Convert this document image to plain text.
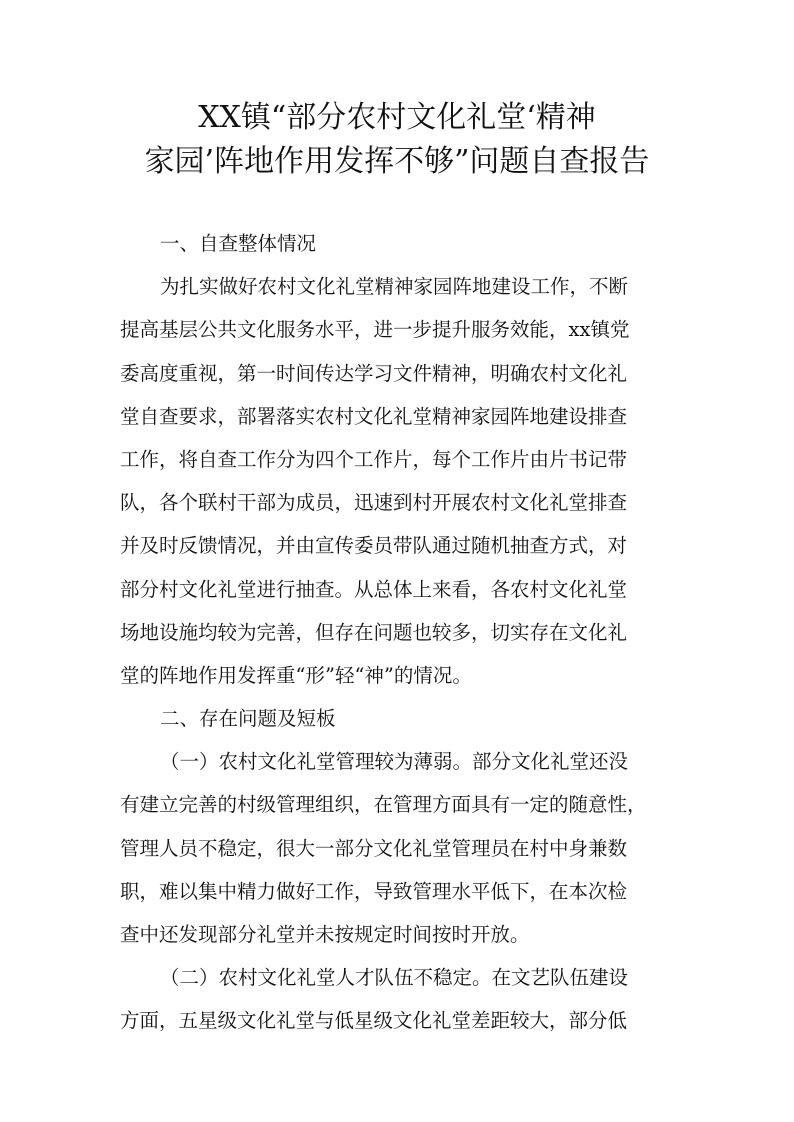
XX镇“部分农村文化礼堂‘精神
家园’阵地作用发挥不够”问题自查报告
一、自查整体情况
为扎实做好农村文化礼堂精神家园阵地建设工作，不断
提高基层公共文化服务水平，进一步提升服务效能，xx镇党
委高度重视，第一时间传达学习文件精神，明确农村文化礼
堂自查要求，部署落实农村文化礼堂精神家园阵地建设排查
工作，将自查工作分为四个工作片，每个工作片由片书记带
队，各个联村干部为成员，迅速到村开展农村文化礼堂排查
并及时反馈情况，并由宣传委员带队通过随机抽查方式，对
部分村文化礼堂进行抽查。从总体上来看，各农村文化礼堂
场地设施均较为完善，但存在问题也较多，切实存在文化礼
堂的阵地作用发挥重“形”轻“神”的情况。
二、存在问题及短板
（一）农村文化礼堂管理较为薄弱。部分文化礼堂还没
有建立完善的村级管理组织，在管理方面具有一定的随意性，
管理人员不稳定，很大一部分文化礼堂管理员在村中身兼数
职，难以集中精力做好工作，导致管理水平低下，在本次检
查中还发现部分礼堂并未按规定时间按时开放。
（二）农村文化礼堂人才队伍不稳定。在文艺队伍建设
方面，五星级文化礼堂与低星级文化礼堂差距较大，部分低
